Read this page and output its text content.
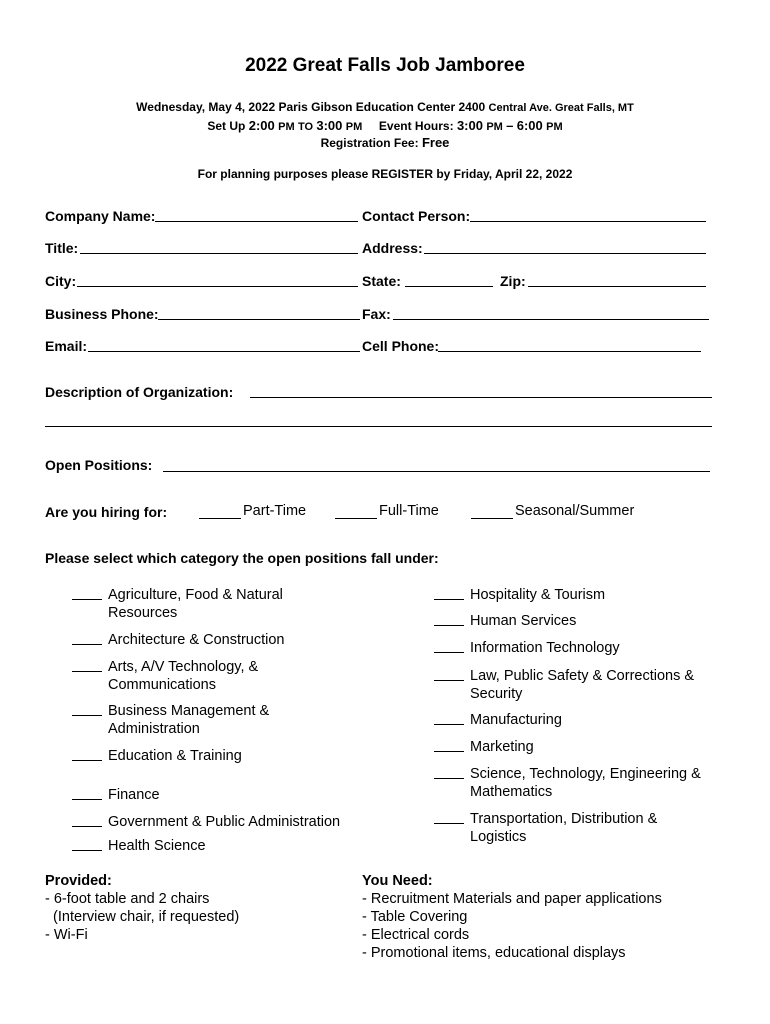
2022 Great Falls Job Jamboree
Wednesday, May 4, 2022 Paris Gibson Education Center 2400 Central Ave. Great Falls, MT
Set Up 2:00 PM TO 3:00 PM Event Hours: 3:00 PM – 6:00 PM
Registration Fee: Free
For planning purposes please REGISTER by Friday, April 22, 2022
Company Name:	Contact Person:
Title:	Address:
City:	State:	Zip:
Business Phone:	Fax:
Email:	Cell Phone:
Description of Organization:
Open Positions:
Are you hiring for:	Part-Time	Full-Time	Seasonal/Summer
Please select which category the open positions fall under:
Agriculture, Food & Natural
Resources
Architecture & Construction
Arts, A/V Technology, &
Communications
Business Management &
Administration
Education & Training
Finance
Government & Public Administration
Health Science
Hospitality & Tourism
Human Services
Information Technology
Law, Public Safety & Corrections &
Security
Manufacturing
Marketing
Science, Technology, Engineering &
Mathematics
Transportation, Distribution &
Logistics
Provided:
- 6-foot table and 2 chairs
(Interview chair, if requested)
- Wi-Fi
You Need:
- Recruitment Materials and paper applications
- Table Covering
- Electrical cords
- Promotional items, educational displays
